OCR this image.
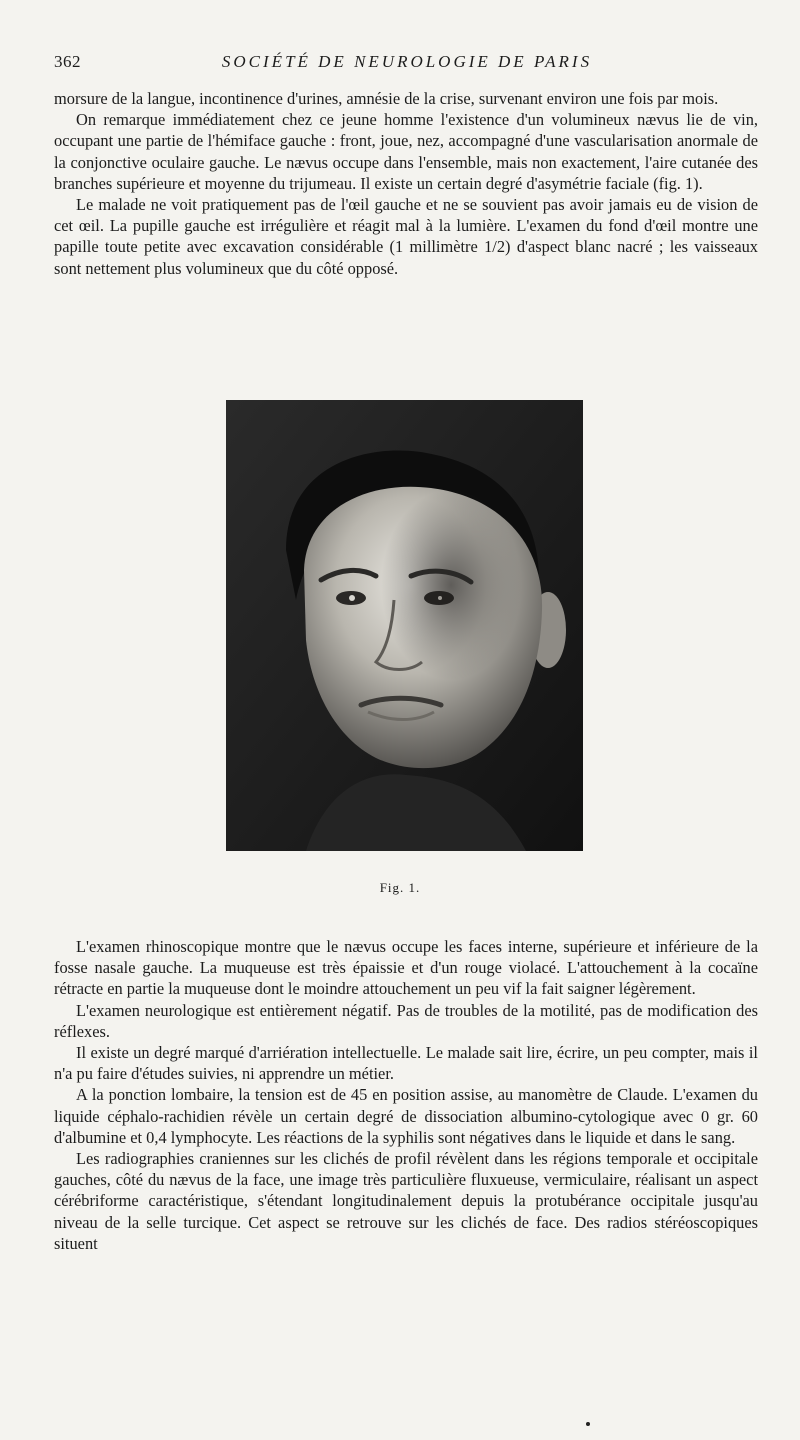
362	SOCIÉTÉ DE NEUROLOGIE DE PARIS

morsure de la langue, incontinence d'urines, amnésie de la crise, survenant environ une fois par mois.

On remarque immédiatement chez ce jeune homme l'existence d'un volumineux nævus lie de vin, occupant une partie de l'hémiface gauche : front, joue, nez, accompagné d'une vascularisation anormale de la conjonctive oculaire gauche. Le nævus occupe dans l'ensemble, mais non exactement, l'aire cutanée des branches supérieure et moyenne du trijumeau. Il existe un certain degré d'asymétrie faciale (fig. 1).

Le malade ne voit pratiquement pas de l'œil gauche et ne se souvient pas avoir jamais eu de vision de cet œil. La pupille gauche est irrégulière et réagit mal à la lumière. L'examen du fond d'œil montre une papille toute petite avec excavation considérable (1 millimètre 1/2) d'aspect blanc nacré ; les vaisseaux sont nettement plus volumineux que du côté opposé.

Fig. 1.

L'examen rhinoscopique montre que le nævus occupe les faces interne, supérieure et inférieure de la fosse nasale gauche. La muqueuse est très épaissie et d'un rouge violacé. L'attouchement à la cocaïne rétracte en partie la muqueuse dont le moindre attouchement un peu vif la fait saigner légèrement.

L'examen neurologique est entièrement négatif. Pas de troubles de la motilité, pas de modification des réflexes.

Il existe un degré marqué d'arriération intellectuelle. Le malade sait lire, écrire, un peu compter, mais il n'a pu faire d'études suivies, ni apprendre un métier.

A la ponction lombaire, la tension est de 45 en position assise, au manomètre de Claude. L'examen du liquide céphalo-rachidien révèle un certain degré de dissociation albumino-cytologique avec 0 gr. 60 d'albumine et 0,4 lymphocyte. Les réactions de la syphilis sont négatives dans le liquide et dans le sang.

Les radiographies craniennes sur les clichés de profil révèlent dans les régions temporale et occipitale gauches, côté du nævus de la face, une image très particulière fluxueuse, vermiculaire, réalisant un aspect cérébriforme caractéristique, s'étendant longitudinalement depuis la protubérance occipitale jusqu'au niveau de la selle turcique. Cet aspect se retrouve sur les clichés de face. Des radios stéréoscopiques situent
